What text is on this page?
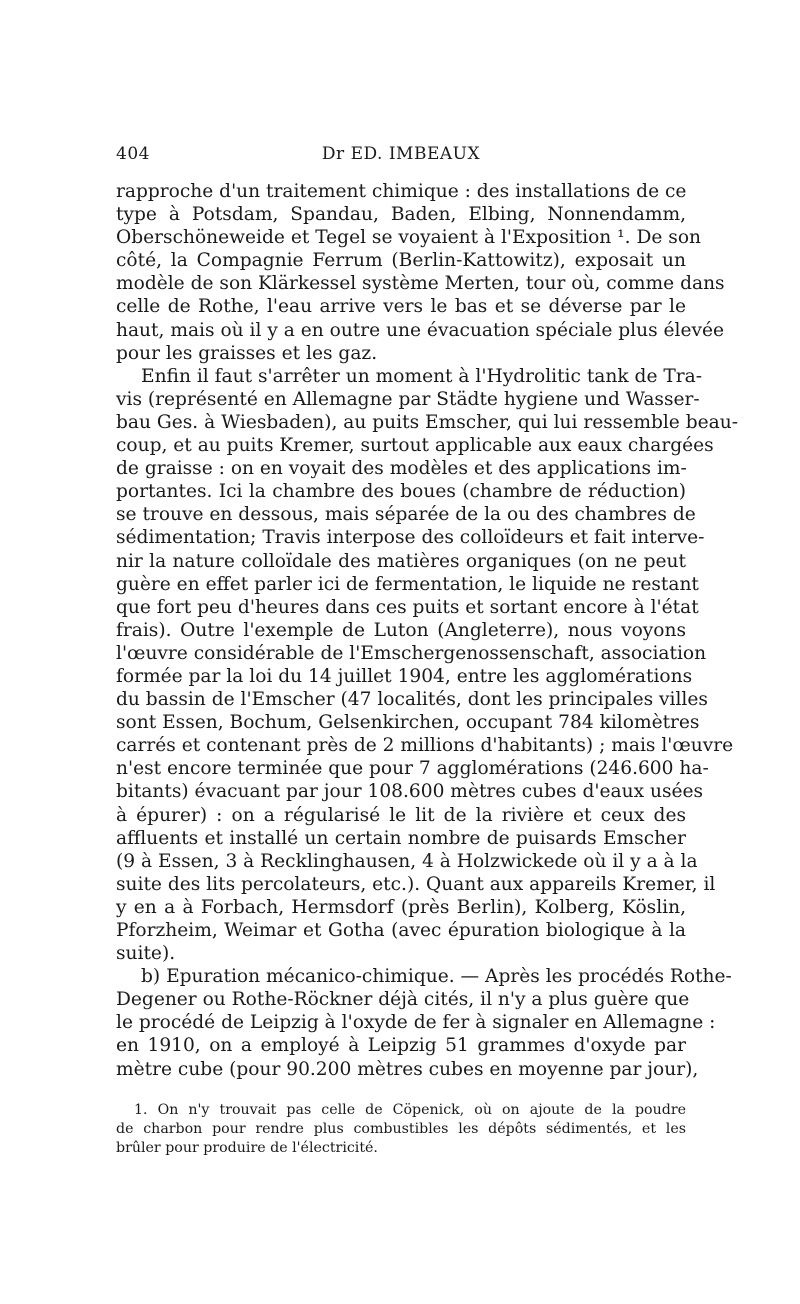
404	Dr ED. IMBEAUX
rapproche d'un traitement chimique : des installations de ce
type à Potsdam, Spandau, Baden, Elbing, Nonnendamm,
Oberschöneweide et Tegel se voyaient à l'Exposition ¹. De son
côté, la Compagnie Ferrum (Berlin-Kattowitz), exposait un
modèle de son Klärkessel système Merten, tour où, comme dans
celle de Rothe, l'eau arrive vers le bas et se déverse par le
haut, mais où il y a en outre une évacuation spéciale plus élevée
pour les graisses et les gaz.
Enfin il faut s'arrêter un moment à l'Hydrolitic tank de Tra-
vis (représenté en Allemagne par Städte hygiene und Wasser-
bau Ges. à Wiesbaden), au puits Emscher, qui lui ressemble beau-
coup, et au puits Kremer, surtout applicable aux eaux chargées
de graisse : on en voyait des modèles et des applications im-
portantes. Ici la chambre des boues (chambre de réduction)
se trouve en dessous, mais séparée de la ou des chambres de
sédimentation; Travis interpose des colloïdeurs et fait interve-
nir la nature colloïdale des matières organiques (on ne peut
guère en effet parler ici de fermentation, le liquide ne restant
que fort peu d'heures dans ces puits et sortant encore à l'état
frais). Outre l'exemple de Luton (Angleterre), nous voyons
l'œuvre considérable de l'Emschergenossenschaft, association
formée par la loi du 14 juillet 1904, entre les agglomérations
du bassin de l'Emscher (47 localités, dont les principales villes
sont Essen, Bochum, Gelsenkirchen, occupant 784 kilomètres
carrés et contenant près de 2 millions d'habitants) ; mais l'œuvre
n'est encore terminée que pour 7 agglomérations (246.600 ha-
bitants) évacuant par jour 108.600 mètres cubes d'eaux usées
à épurer) : on a régularisé le lit de la rivière et ceux des
affluents et installé un certain nombre de puisards Emscher
(9 à Essen, 3 à Recklinghausen, 4 à Holzwickede où il y a à la
suite des lits percolateurs, etc.). Quant aux appareils Kremer, il
y en a à Forbach, Hermsdorf (près Berlin), Kolberg, Köslin,
Pforzheim, Weimar et Gotha (avec épuration biologique à la
suite).
b) Epuration mécanico-chimique. — Après les procédés Rothe-
Degener ou Rothe-Röckner déjà cités, il n'y a plus guère que
le procédé de Leipzig à l'oxyde de fer à signaler en Allemagne :
en 1910, on a employé à Leipzig 51 grammes d'oxyde par
mètre cube (pour 90.200 mètres cubes en moyenne par jour),
1. On n'y trouvait pas celle de Cöpenick, où on ajoute de la poudre
de charbon pour rendre plus combustibles les dépôts sédimentés, et les
brûler pour produire de l'électricité.
